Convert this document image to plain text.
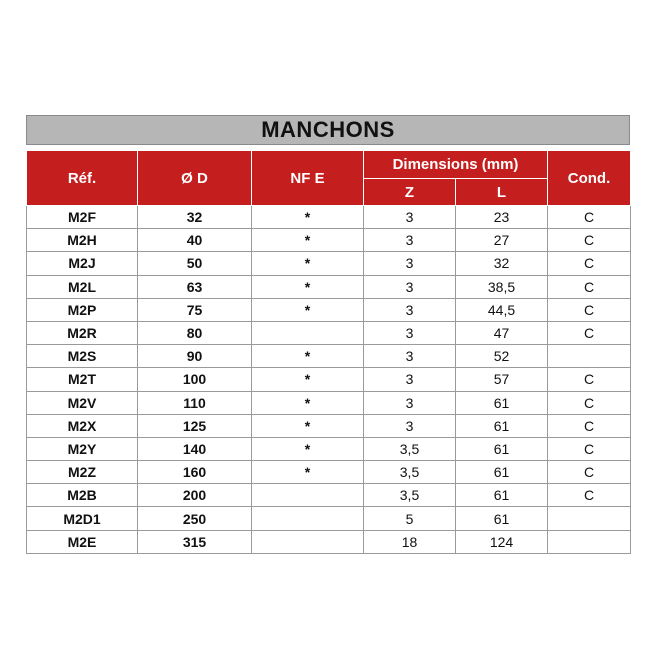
MANCHONS
Réf.	Ø D	NF E	Dimensions (mm)		Cond.
			Z	L	
M2F	32	*	3	23	C
M2H	40	*	3	27	C
M2J	50	*	3	32	C
M2L	63	*	3	38,5	C
M2P	75	*	3	44,5	C
M2R	80		3	47	C
M2S	90	*	3	52	
M2T	100	*	3	57	C
M2V	110	*	3	61	C
M2X	125	*	3	61	C
M2Y	140	*	3,5	61	C
M2Z	160	*	3,5	61	C
M2B	200		3,5	61	C
M2D1	250		5	61	
M2E	315		18	124	
